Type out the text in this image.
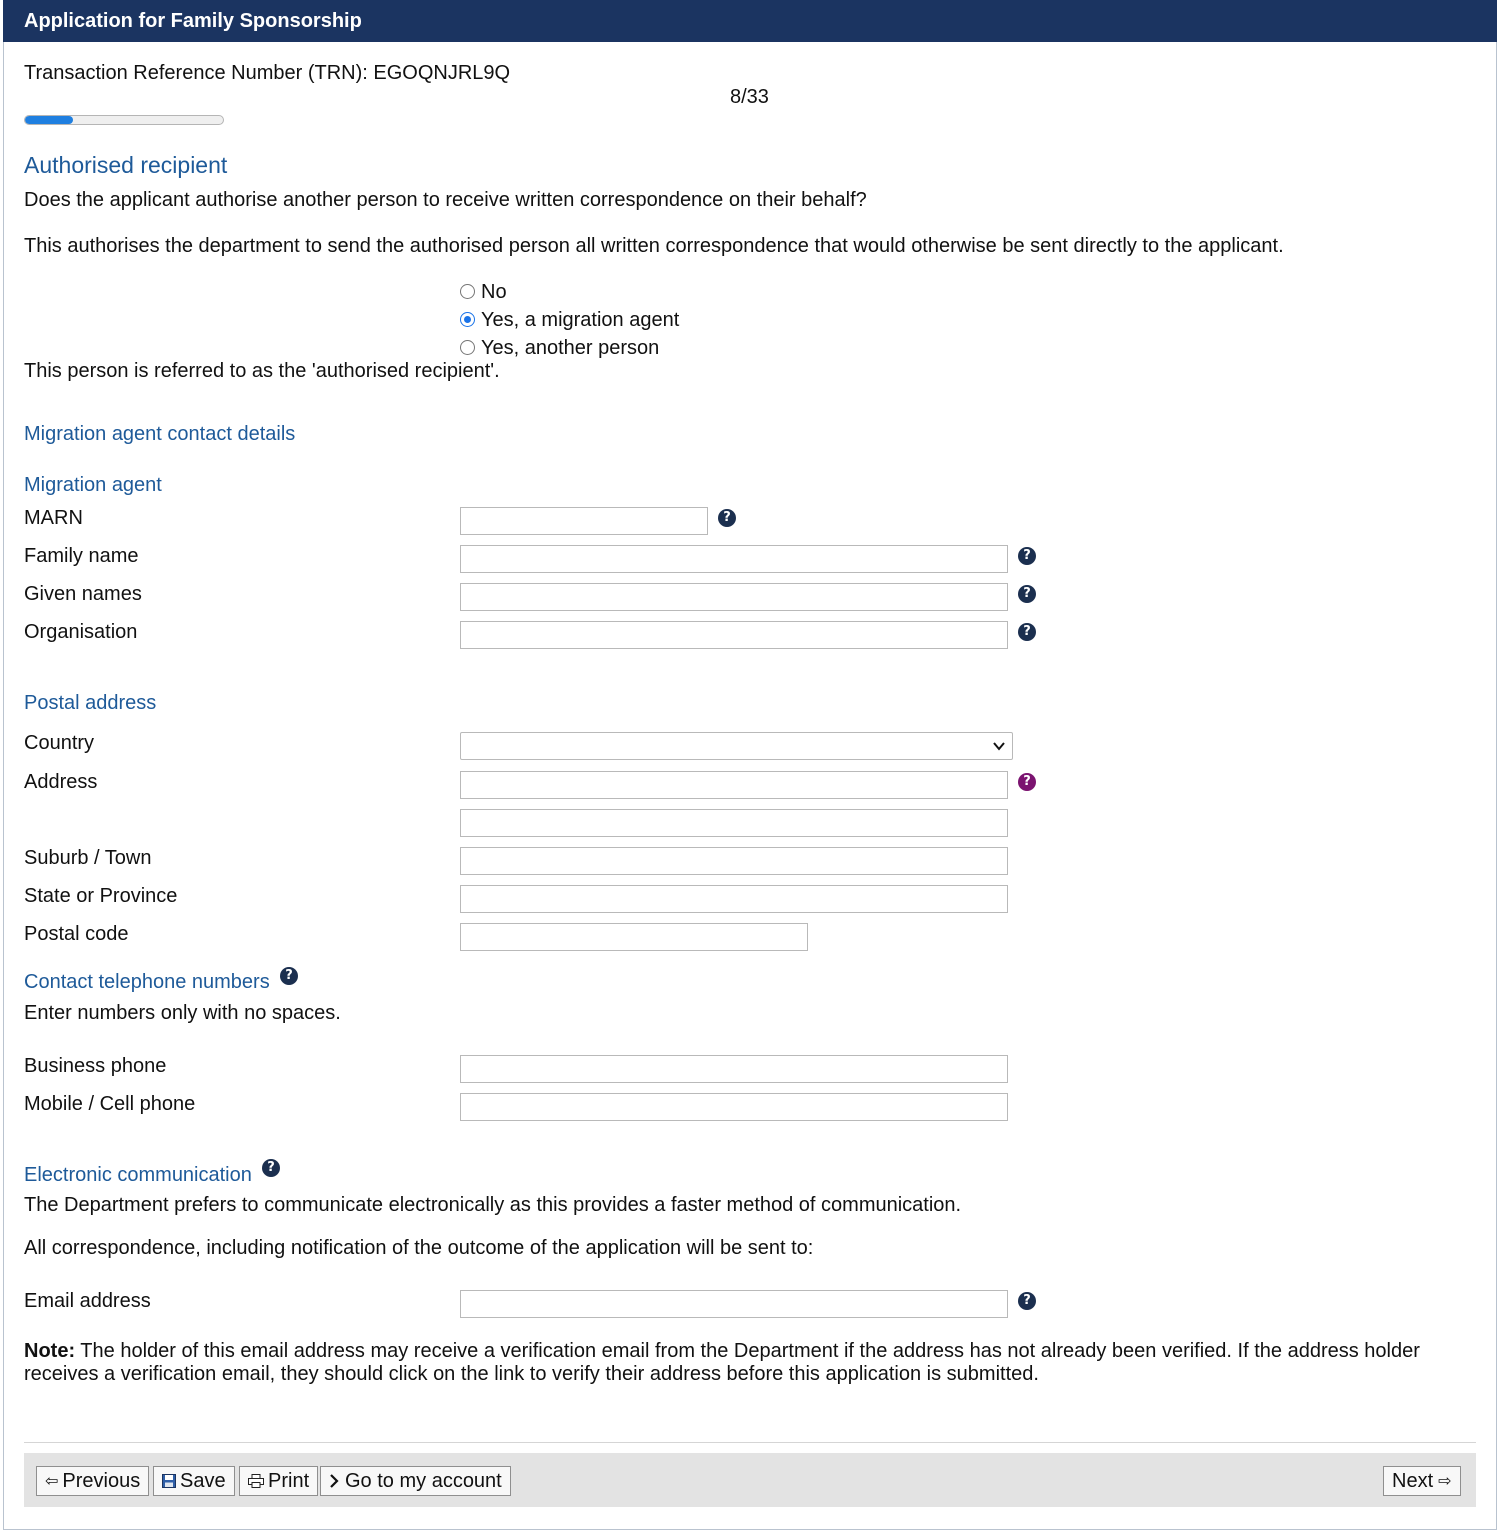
Application for Family Sponsorship
Transaction Reference Number (TRN): EGOQNJRL9Q
8/33
Authorised recipient
Does the applicant authorise another person to receive written correspondence on their behalf?
This authorises the department to send the authorised person all written correspondence that would otherwise be sent directly to the applicant.
No
Yes, a migration agent
Yes, another person
This person is referred to as the 'authorised recipient'.
Migration agent contact details
Migration agent
MARN	?
Family name	?
Given names	?
Organisation	?
Postal address
Country
Address	?
Suburb / Town
State or Province
Postal code
Contact telephone numbers	?
Enter numbers only with no spaces.
Business phone
Mobile / Cell phone
Electronic communication	?
The Department prefers to communicate electronically as this provides a faster method of communication.
All correspondence, including notification of the outcome of the application will be sent to:
Email address	?
Note: The holder of this email address may receive a verification email from the Department if the address has not already been verified. If the address holder receives a verification email, they should click on the link to verify their address before this application is submitted.
⇦ Previous	Save	Print	Go to my account	Next ⇨
